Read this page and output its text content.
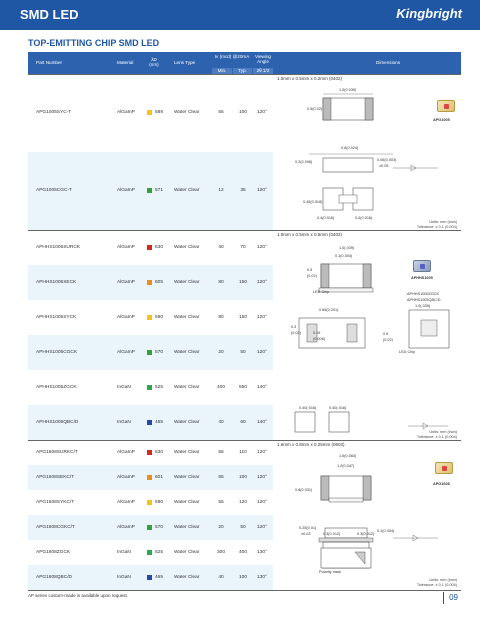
SMD LED	Kingbright
TOP-EMITTING CHIP SMD LED
Part Number	Material
λD (nm)	Lens Type
Iv (mcd) @20mA	Viewing Angle	Dimensions
Min.	Typ.	2θ 1/2
APG1005SYC-T	AlGaInP	589 Water Clear	55	100	120°
APG1005CGC-T	AlGaInP	571 Water Clear	12	35	120°
APHHS1005SURCK	AlGaInP	630 Water Clear	40	70	120°
APHHS1005SECK	AlGaInP	605 Water Clear	80	150	120°
APHHS1005SYCK	AlGaInP	590 Water Clear	80	150	120°
APHHS1005CGCK	AlGaInP	570 Water Clear	20	50	120°
APHHS1005ZGCK	InGaN	525 Water Clear	400	550	140°
APHHS1005QBC/D	InGaN	465 Water Clear	40	60	140°
APG1608SURKC/T	AlGaInP	630 Water Clear	55	110	120°
APG1608SEKC/T	AlGaInP	601 Water Clear	55	100	120°
APG1608SYKC/T	AlGaInP	590 Water Clear	55	120	120°
APG1608CGKC/T	AlGaInP	570 Water Clear	20	50	120°
APG1608ZGCK	InGaN	525 Water Clear	300	400	130°
APG1608QBC/D	InGaN	465 Water Clear	40	100	130°
1.0mm x 0.5mm x 0.2mm (0402)
1.0(0.039)
0.5(0.02)
0.6(0.024)
0.2(0.008)	0.06(0.003)
±0.05
0.45(0.018)
0.4(0.016)	0.4(0.016)
APG1005
Units: mm (inch)
Tolerance: ± 0.1 (0.004)
1.0mm x 0.5mm x 0.5mm (0402)
1.0(.039)
0.1(0.004)
0.5
(0.02)
LED Chip
0.65(0.201)
1.0(.039)
0.3
(0.02)	0.15
(0.006)
0.5
(0.02)
LED Chip
0.40(.016)	0.40(.016)
APHHS1005
APHHS1005ZGCK
APHHS1005QBC/D
Units: mm (inch)
Tolerance: ± 0.1 (0.004)
1.6mm x 0.8mm x 0.25mm (0603)
1.6(0.063)
1.2(0.047)
0.8(0.031)
0.25(0.01)
±0.03
0.1(0.004)
0.3(0.012)	0.3(0.012)
Polarity mark
APG1608
Units: mm (inch)
Tolerance: ± 0.1 (0.004)
AP series custom-made is available upon request.	09
